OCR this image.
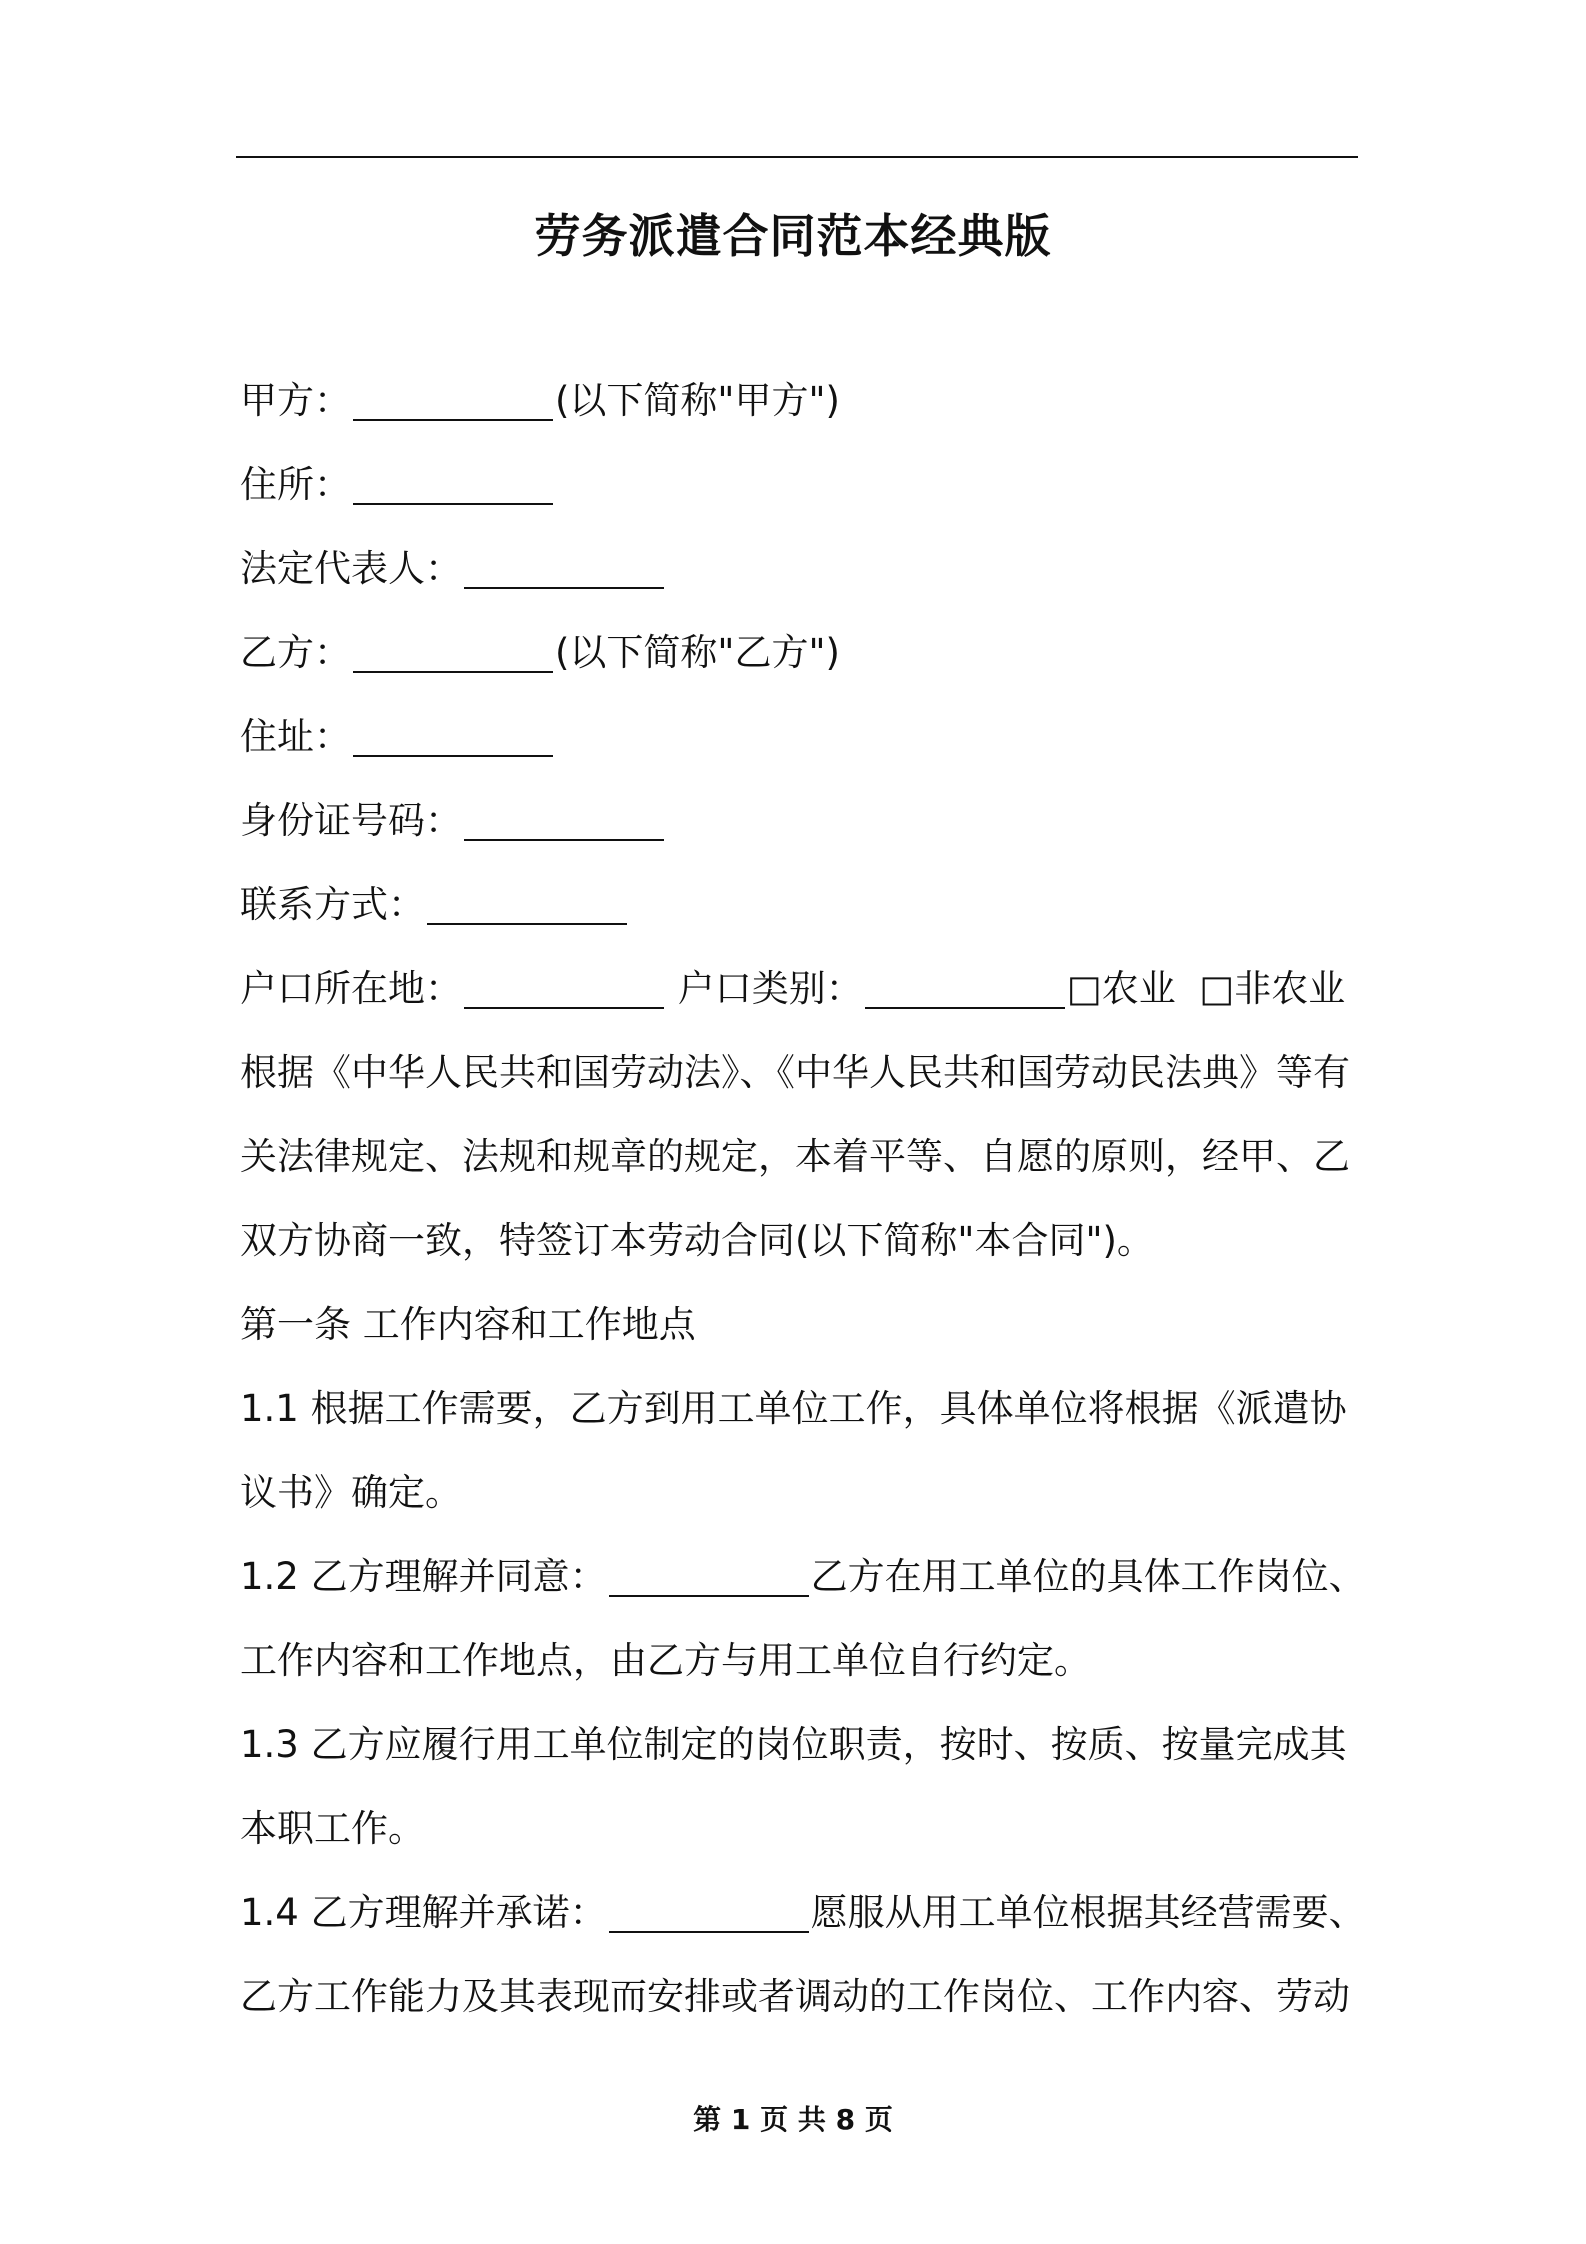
劳务派遣合同范本经典版
甲方：	(以下简称"甲方")
住所：
法定代表人：
乙方：	(以下简称"乙方")
住址：
身份证号码：
联系方式：
户口所在地：	户口类别：	□农业 □非农业
根据《中华人民共和国劳动法》、《中华人民共和国劳动民法典》等有
关法律规定、法规和规章的规定，本着平等、自愿的原则，经甲、乙
双方协商一致，特签订本劳动合同(以下简称"本合同")。
第一条 工作内容和工作地点
1.1 根据工作需要，乙方到用工单位工作，具体单位将根据《派遣协
议书》确定。
1.2 乙方理解并同意：	乙方在用工单位的具体工作岗位、
工作内容和工作地点，由乙方与用工单位自行约定。
1.3 乙方应履行用工单位制定的岗位职责，按时、按质、按量完成其
本职工作。
1.4 乙方理解并承诺：	愿服从用工单位根据其经营需要、
乙方工作能力及其表现而安排或者调动的工作岗位、工作内容、劳动
第 1 页 共 8 页
